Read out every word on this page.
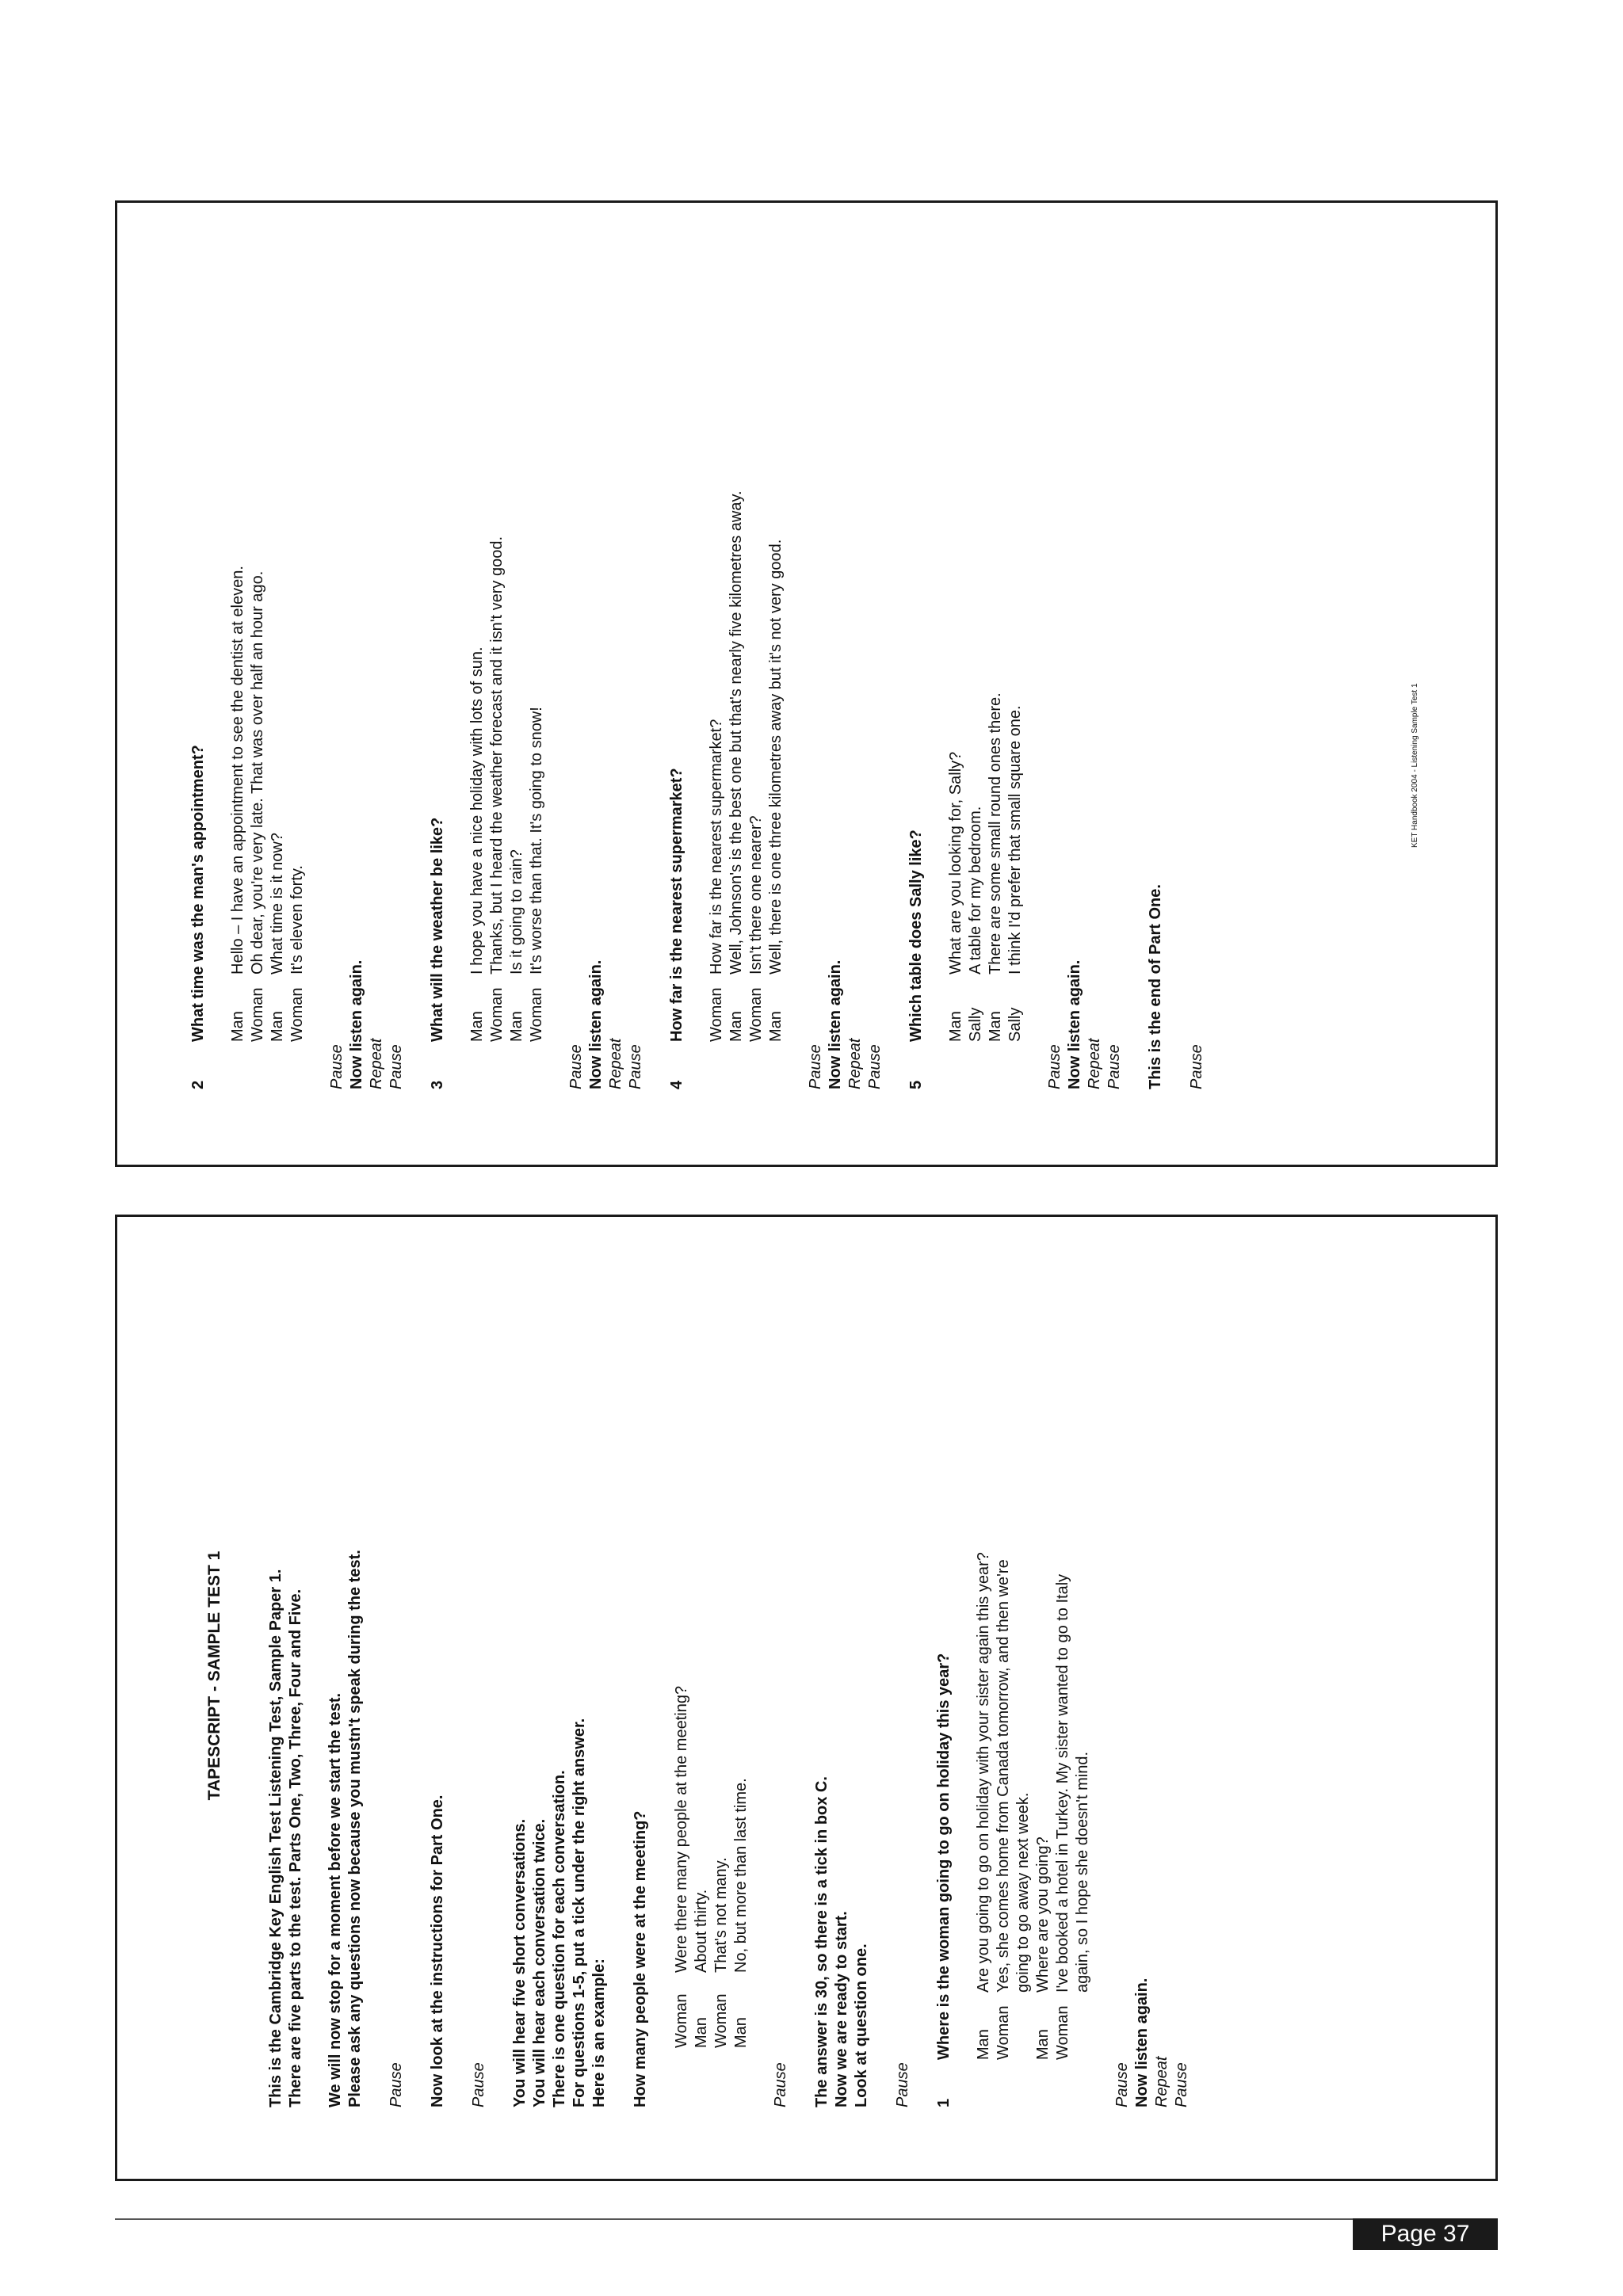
2
What time was the man's appointment? Man
Hello – I have an appointment to see the dentist at eleven.
Woman
Oh dear, you're very late. That was over half an hour ago.
Man
What time is it now?
Woman
It's eleven forty.

Pause Now listen again. Repeat Pause 3
What will the weather be like? Man
I hope you have a nice holiday with lots of sun.
Woman
Thanks, but I heard the weather forecast and it isn't very good.
Man
Is it going to rain?
Woman
It's worse than that. It's going to snow!

Pause Now listen again. Repeat Pause 4
How far is the nearest supermarket? Woman
How far is the nearest supermarket?
Man
Well, Johnson's is the best one but that's nearly five kilometres away.
Woman
Isn't there one nearer?
Man
Well, there is one three kilometres away but it's not very good.

Pause Now listen again. Repeat Pause 5
Which table does Sally like? Man
What are you looking for, Sally?
Sally
A table for my bedroom.
Man
There are some small round ones there.
Sally
I think I'd prefer that small square one.

Pause Now listen again. Repeat Pause This is the end of Part One. Pause

TAPESCRIPT - SAMPLE TEST 1	This is the Cambridge Key English Test Listening Test, Sample Paper 1. There are five parts to the test. Parts One, Two, Three, Four and Five. We will now stop for a moment before we start the test. Please ask any questions now because you mustn't speak during the test. Pause Now look at the instructions for Part One. Pause You will hear five short conversations. You will hear each conversation twice. There is one question for each conversation. For questions 1-5, put a tick under the right answer. Here is an example: How many people were at the meeting? Woman
Were there many people at the meeting?
Man
About thirty.
Woman
That's not many.
Man
No, but more than last time.

Pause The answer is 30, so there is a tick in box C. Now we are ready to start. Look at question one. Pause 1
Where is the woman going to go on holiday this year? Man
Are you going to go on holiday with your sister again this year?
Woman
Yes, she comes home from Canada tomorrow, and then we're going to go away next week.
Man
Where are you going?
Woman
I've booked a hotel in Turkey. My sister wanted to go to Italy again, so I hope she doesn't mind.

Pause Now listen again. Repeat Pause

KET Handbook 2004 - Listening Sample Test 1
Page 37
